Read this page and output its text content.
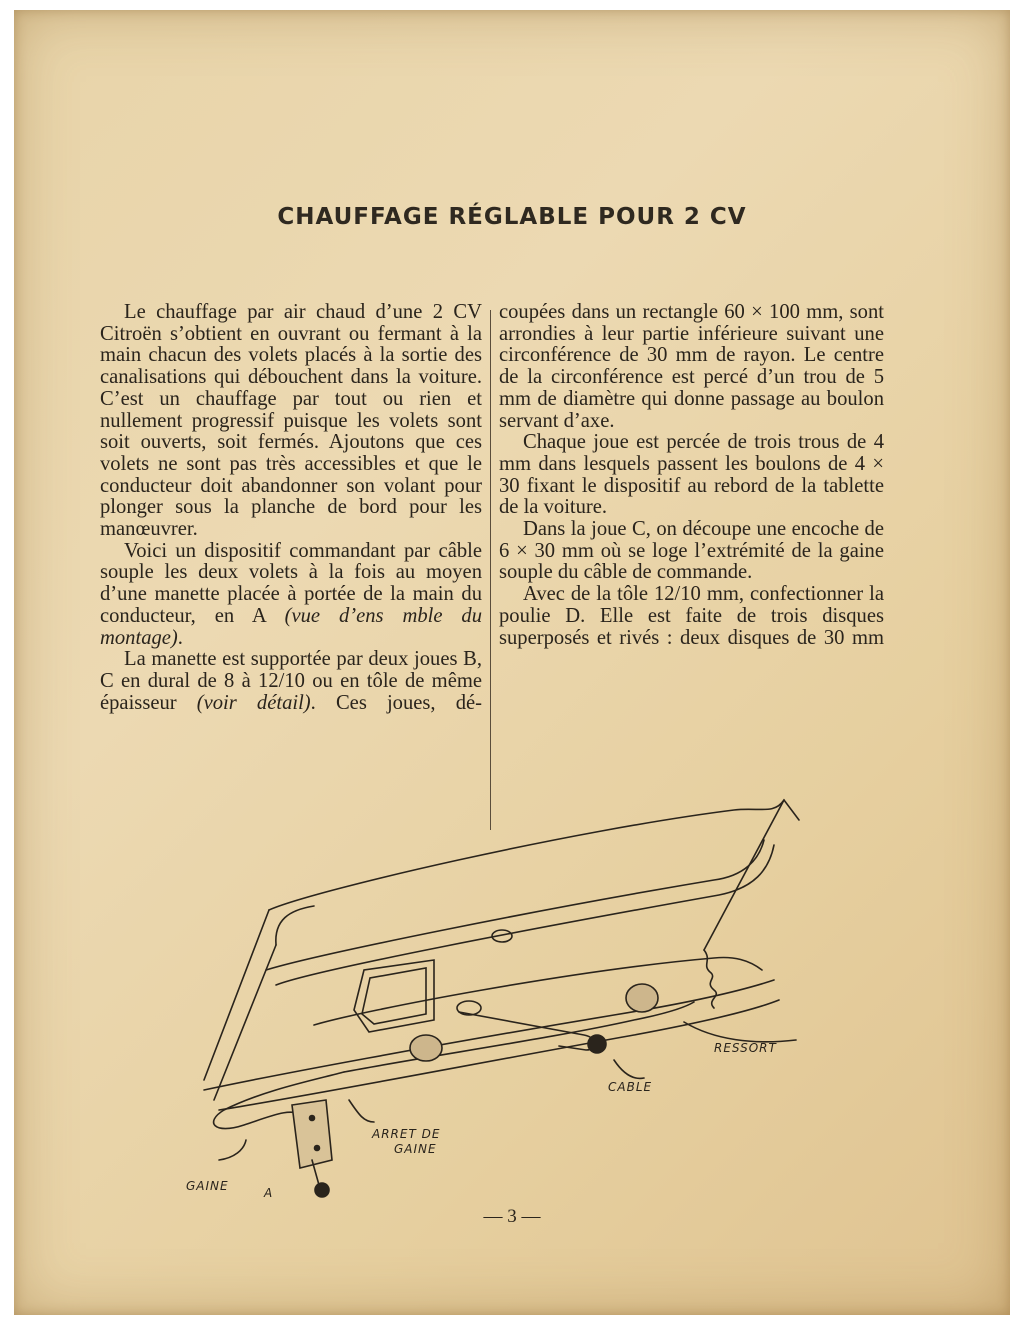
CHAUFFAGE RÉGLABLE POUR 2 CV

Le chauffage par air chaud d’une 2 CV Citroën s’obtient en ouvrant ou fermant à la main chacun des volets placés à la sortie des canalisations qui débouchent dans la voiture. C’est un chauffage par tout ou rien et nullement progressif puisque les volets sont soit ouverts, soit fermés. Ajoutons que ces volets ne sont pas très accessibles et que le conducteur doit abandonner son volant pour plonger sous la planche de bord pour les manœuvrer.

Voici un dispositif commandant par câble souple les deux volets à la fois au moyen d’une manette placée à portée de la main du conducteur, en A (vue d’ens mble du montage).

La manette est supportée par deux joues B, C en dural de 8 à 12/10 ou en tôle de même épaisseur (voir détail). Ces joues, dé-

coupées dans un rectangle 60 × 100 mm, sont arrondies à leur partie inférieure suivant une circonférence de 30 mm de rayon. Le centre de la circonférence est percé d’un trou de 5 mm de diamètre qui donne passage au boulon servant d’axe.

Chaque joue est percée de trois trous de 4 mm dans lesquels passent les boulons de 4 × 30 fixant le dispositif au rebord de la tablette de la voiture.

Dans la joue C, on découpe une encoche de 6 × 30 mm où se loge l’extrémité de la gaine souple du câble de commande.

Avec de la tôle 12/10 mm, confectionner la poulie D. Elle est faite de trois disques superposés et rivés : deux disques de 30 mm

RESSORT
CABLE
ARRET DE
GAINE
GAINE	A
— 3 —
